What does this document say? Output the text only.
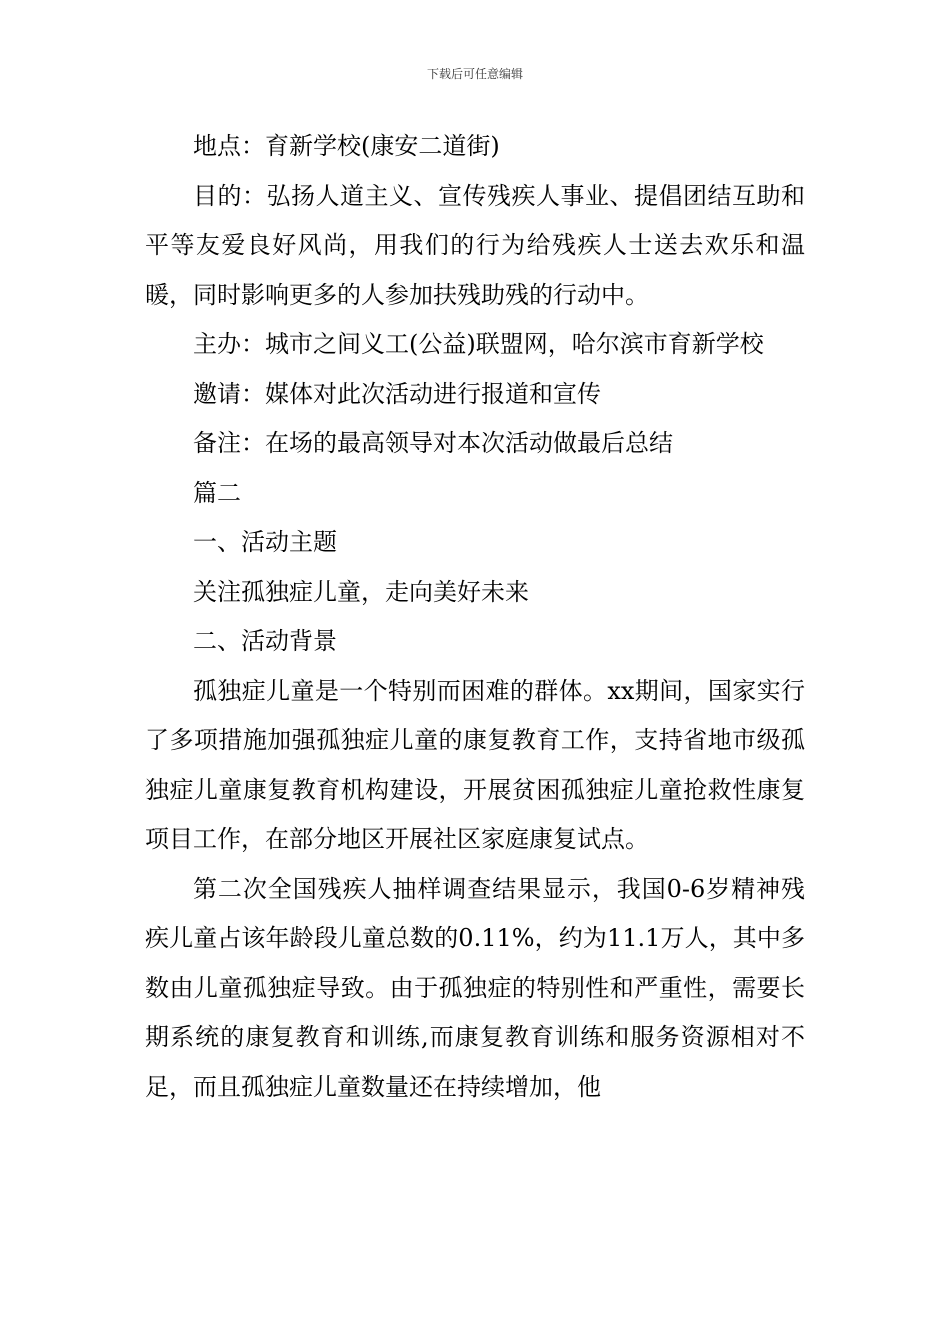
下载后可任意编辑

地点：育新学校(康安二道街)

目的：弘扬人道主义、宣传残疾人事业、提倡团结互助和平等友爱良好风尚，用我们的行为给残疾人士送去欢乐和温暖，同时影响更多的人参加扶残助残的行动中。

主办：城市之间义工(公益)联盟网，哈尔滨市育新学校

邀请：媒体对此次活动进行报道和宣传

备注：在场的最高领导对本次活动做最后总结

篇二

一、活动主题

关注孤独症儿童，走向美好未来

二、活动背景

孤独症儿童是一个特别而困难的群体。xx期间，国家实行了多项措施加强孤独症儿童的康复教育工作，支持省地市级孤独症儿童康复教育机构建设，开展贫困孤独症儿童抢救性康复项目工作，在部分地区开展社区家庭康复试点。

第二次全国残疾人抽样调查结果显示，我国0-6岁精神残疾儿童占该年龄段儿童总数的0.11%，约为11.1万人，其中多数由儿童孤独症导致。由于孤独症的特别性和严重性，需要长期系统的康复教育和训练,而康复教育训练和服务资源相对不足，而且孤独症儿童数量还在持续增加，他
